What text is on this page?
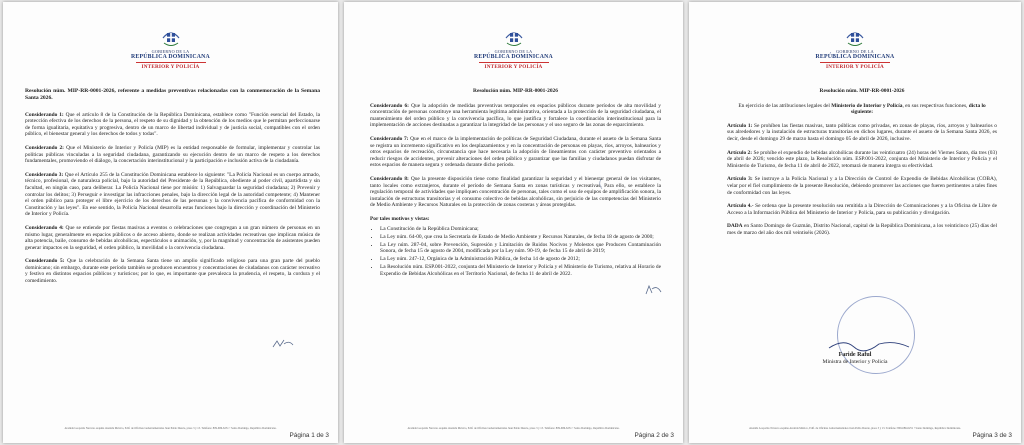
GOBIERNO DE LA
REPÚBLICA DOMINICANA
INTERIOR Y POLICÍA

Resolución núm. MIP-RR-0001-2026, referente a medidas preventivas relacionadas con la conmemoración de la Semana Santa 2026.

Considerando 1: Que el artículo 8 de la Constitución de la República Dominicana, establece como "Función esencial del Estado, la protección efectiva de los derechos de la persona, el respeto de su dignidad y la obtención de los medios que le permitan perfeccionarse de forma igualitaria, equitativa y progresiva, dentro de un marco de libertad individual y de justicia social, compatibles con el orden público, el bienestar general y los derechos de todos y todas".

Considerando 2: Que el Ministerio de Interior y Policía (MIP) es la entidad responsable de formular, implementar y controlar las políticas públicas vinculadas a la seguridad ciudadana, garantizando su ejecución dentro de un marco de respeto a los derechos fundamentales, promoviendo el diálogo, la concertación interinstitucional y la participación e inclusión activa de la ciudadanía.

Considerando 3: Que el Artículo 255 de la Constitución Dominicana establece lo siguiente: "La Policía Nacional es un cuerpo armado, técnico, profesional, de naturaleza policial, bajo la autoridad del Presidente de la República, obediente al poder civil, apartidista y sin facultad, en ningún caso, para deliberar. La Policía Nacional tiene por misión: 1) Salvaguardar la seguridad ciudadana; 2) Prevenir y controlar los delitos; 3) Perseguir e investigar las infracciones penales, bajo la dirección legal de la autoridad competente; 4) Mantener el orden público para proteger el libre ejercicio de los derechos de las personas y la convivencia pacífica de conformidad con la Constitución y las leyes". En ese sentido, la Policía Nacional desarrolla estas funciones bajo la dirección y coordinación del Ministerio de Interior y Policía.

Considerando 4: Que se entiende por fiestas masivas a eventos o celebraciones que congregan a un gran número de personas en un mismo lugar, generalmente en espacios públicos o de acceso abierto, donde se realizan actividades recreativas que implican música de alta potencia, baile, consumo de bebidas alcohólicas, espectáculos o animación, y, por la magnitud y concentración de asistentes pueden generar impactos en la seguridad, el orden público, la movilidad o la convivencia ciudadana.

Considerando 5: Que la celebración de la Semana Santa tiene un amplio significado religioso para una gran parte del pueblo dominicano; sin embargo, durante este período también se producen encuentros y concentraciones de ciudadanos con carácter recreativo y festivo en distintos espacios públicos y turísticos; por lo que, es importante que prevalezca la prudencia, el respeto, la cordura y el comedimiento.

Avenida Leopoldo Navarro esquina Avenida México, Edif. de Oficinas Gubernamentales Juan Pablo Duarte, pisos 3 y 13. Teléfono: 809-686-6251 • Santo Domingo, República Dominicana.
Página 1 de 3
GOBIERNO DE LA
REPÚBLICA DOMINICANA
INTERIOR Y POLICÍA

Resolución núm. MIP-RR-0001-2026

Considerando 6: Que la adopción de medidas preventivas temporales en espacios públicos durante períodos de alta movilidad y concentración de personas constituye una herramienta legítima administrativa, orientada a la protección de la seguridad ciudadana, el mantenimiento del orden público y la convivencia pacífica, lo que justifica y fortalece la coordinación interinstitucional para la implementación de acciones destinadas a garantizar la integridad de las personas y el uso seguro de las zonas de esparcimiento.

Considerando 7: Que en el marco de la implementación de políticas de Seguridad Ciudadana, durante el asueto de la Semana Santa se registra un incremento significativo en los desplazamientos y en la concentración de personas en playas, ríos, arroyos, balnearios y otros espacios de recreación, circunstancia que hace necesaria la adopción de lineamientos con carácter preventivo orientados a reducir riesgos de accidentes, prevenir alteraciones del orden público y garantizar que las familias y ciudadanos puedan disfrutar de estos espacios de manera segura y ordenada durante dicho período.

Considerando 8: Que la presente disposición tiene como finalidad garantizar la seguridad y el bienestar general de los visitantes, tanto locales como extranjeros, durante el período de Semana Santa en zonas turísticas y recreativas. Para ello, se establece la regulación temporal de actividades que impliquen concentración de personas, tales como el uso de equipos de amplificación sonora, la instalación de estructuras transitorias y el consumo colectivo de bebidas alcohólicas, sin perjuicio de las competencias del Ministerio de Medio Ambiente y Recursos Naturales en la protección de zonas costeras y áreas protegidas.

Por tales motivos y vistas:

• La Constitución de la República Dominicana;
• La Ley núm. 64-00, que crea la Secretaría de Estado de Medio Ambiente y Recursos Naturales, de fecha 18 de agosto de 2000;
• La Ley núm. 287-04, sobre Prevención, Supresión y Limitación de Ruidos Nocivos y Molestos que Producen Contaminación Sonora, de fecha 15 de agosto de 2004, modificada por la Ley núm. 90-19, de fecha 15 de abril de 2019;
• La Ley núm. 247-12, Orgánica de la Administración Pública, de fecha 14 de agosto de 2012;
• La Resolución núm. ESP.001-2022, conjunta del Ministerio de Interior y Policía y el Ministerio de Turismo, relativa al Horario de Expendio de Bebidas Alcohólicas en el Territorio Nacional, de fecha 11 de abril de 2022.
Avenida Leopoldo Navarro esquina Avenida México, Edif. de Oficinas Gubernamentales Juan Pablo Duarte, pisos 3 y 13. Teléfono: 809-686-6251 • Santo Domingo, República Dominicana.
Página 2 de 3
GOBIERNO DE LA
REPÚBLICA DOMINICANA
INTERIOR Y POLICÍA

Resolución núm. MIP-RR-0001-2026

En ejercicio de las atribuciones legales del Ministerio de Interior y Policía, en sus respectivas funciones, dicta lo siguiente:

Artículo 1: Se prohíben las fiestas masivas, tanto públicas como privadas, en zonas de playas, ríos, arroyos y balnearios o sus alrededores y la instalación de estructuras transitorias en dichos lugares, durante el asueto de la Semana Santa 2026, es decir, desde el domingo 29 de marzo hasta el domingo 05 de abril de 2026, inclusive.

Artículo 2: Se prohíbe el expendio de bebidas alcohólicas durante las veinticuatro (24) horas del Viernes Santo, día tres (03) de abril de 2026; vencido este plazo, la Resolución núm. ESP.001-2022, conjunta del Ministerio de Interior y Policía y el Ministerio de Turismo, de fecha 11 de abril de 2022, retomará de manera íntegra su efectividad.

Artículo 3: Se instruye a la Policía Nacional y a la Dirección de Control de Expendio de Bebidas Alcohólicas (COBA), velar por el fiel cumplimiento de la presente Resolución, debiendo promover las acciones que fueren pertinentes a tales fines de conformidad con las leyes.

Artículo 4.- Se ordena que la presente resolución sea remitida a la Dirección de Comunicaciones y a la Oficina de Libre de Acceso a la Información Pública del Ministerio de Interior y Policía, para su publicación y divulgación.

DADA en Santo Domingo de Guzmán, Distrito Nacional, capital de la República Dominicana, a los veinticinco (25) días del mes de marzo del año dos mil veintiséis (2026).

Faride Raful
Ministra de Interior y Policía
Avenida Leopoldo Navarro esquina Avenida México, Edif. de Oficinas Gubernamentales Juan Pablo Duarte, pisos 3 y 13. Teléfono: 809-686-6251 • Santo Domingo, República Dominicana.
Página 3 de 3
